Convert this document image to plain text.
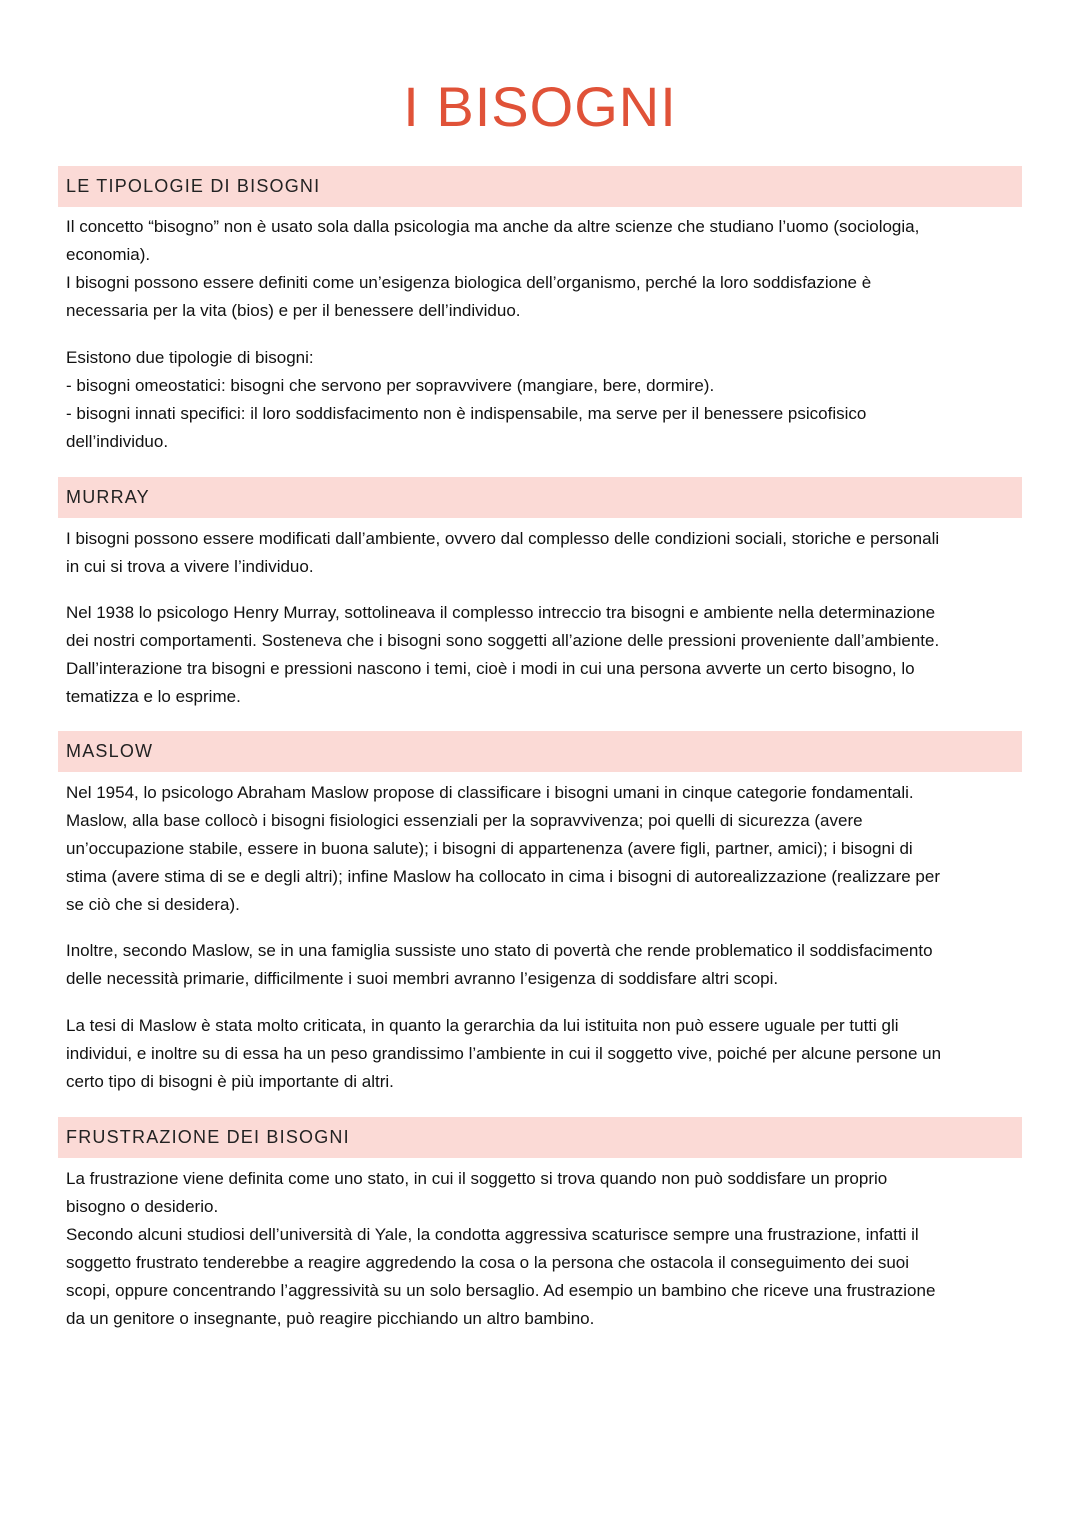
I BISOGNI
LE TIPOLOGIE DI BISOGNI
Il concetto “bisogno” non è usato sola dalla psicologia ma anche da altre scienze che studiano l’uomo (sociologia,
economia).
I bisogni possono essere definiti come un’esigenza biologica dell’organismo, perché la loro soddisfazione è
necessaria per la vita (bios) e per il benessere dell’individuo.
Esistono due tipologie di bisogni:
- bisogni omeostatici: bisogni che servono per sopravvivere (mangiare, bere, dormire).
- bisogni innati specifici: il loro soddisfacimento non è indispensabile, ma serve per il benessere psicofisico
dell’individuo.
MURRAY
I bisogni possono essere modificati dall’ambiente, ovvero dal complesso delle condizioni sociali, storiche e personali
in cui si trova a vivere l’individuo.
Nel 1938 lo psicologo Henry Murray, sottolineava il complesso intreccio tra bisogni e ambiente nella determinazione
dei nostri comportamenti. Sosteneva che i bisogni sono soggetti all’azione delle pressioni proveniente dall’ambiente.
Dall’interazione tra bisogni e pressioni nascono i temi, cioè i modi in cui una persona avverte un certo bisogno, lo
tematizza e lo esprime.
MASLOW
Nel 1954, lo psicologo Abraham Maslow propose di classificare i bisogni umani in cinque categorie fondamentali.
Maslow, alla base collocò i bisogni fisiologici essenziali per la sopravvivenza; poi quelli di sicurezza (avere
un’occupazione stabile, essere in buona salute); i bisogni di appartenenza (avere figli, partner, amici); i bisogni di
stima (avere stima di se e degli altri); infine Maslow ha collocato in cima i bisogni di autorealizzazione (realizzare per
se ciò che si desidera).
Inoltre, secondo Maslow, se in una famiglia sussiste uno stato di povertà che rende problematico il soddisfacimento
delle necessità primarie, difficilmente i suoi membri avranno l’esigenza di soddisfare altri scopi.
La tesi di Maslow è stata molto criticata, in quanto la gerarchia da lui istituita non può essere uguale per tutti gli
individui, e inoltre su di essa ha un peso grandissimo l’ambiente in cui il soggetto vive, poiché per alcune persone un
certo tipo di bisogni è più importante di altri.
FRUSTRAZIONE DEI BISOGNI
La frustrazione viene definita come uno stato, in cui il soggetto si trova quando non può soddisfare un proprio
bisogno o desiderio.
Secondo alcuni studiosi dell’università di Yale, la condotta aggressiva scaturisce sempre una frustrazione, infatti il
soggetto frustrato tenderebbe a reagire aggredendo la cosa o la persona che ostacola il conseguimento dei suoi
scopi, oppure concentrando l’aggressività su un solo bersaglio. Ad esempio un bambino che riceve una frustrazione
da un genitore o insegnante, può reagire picchiando un altro bambino.
